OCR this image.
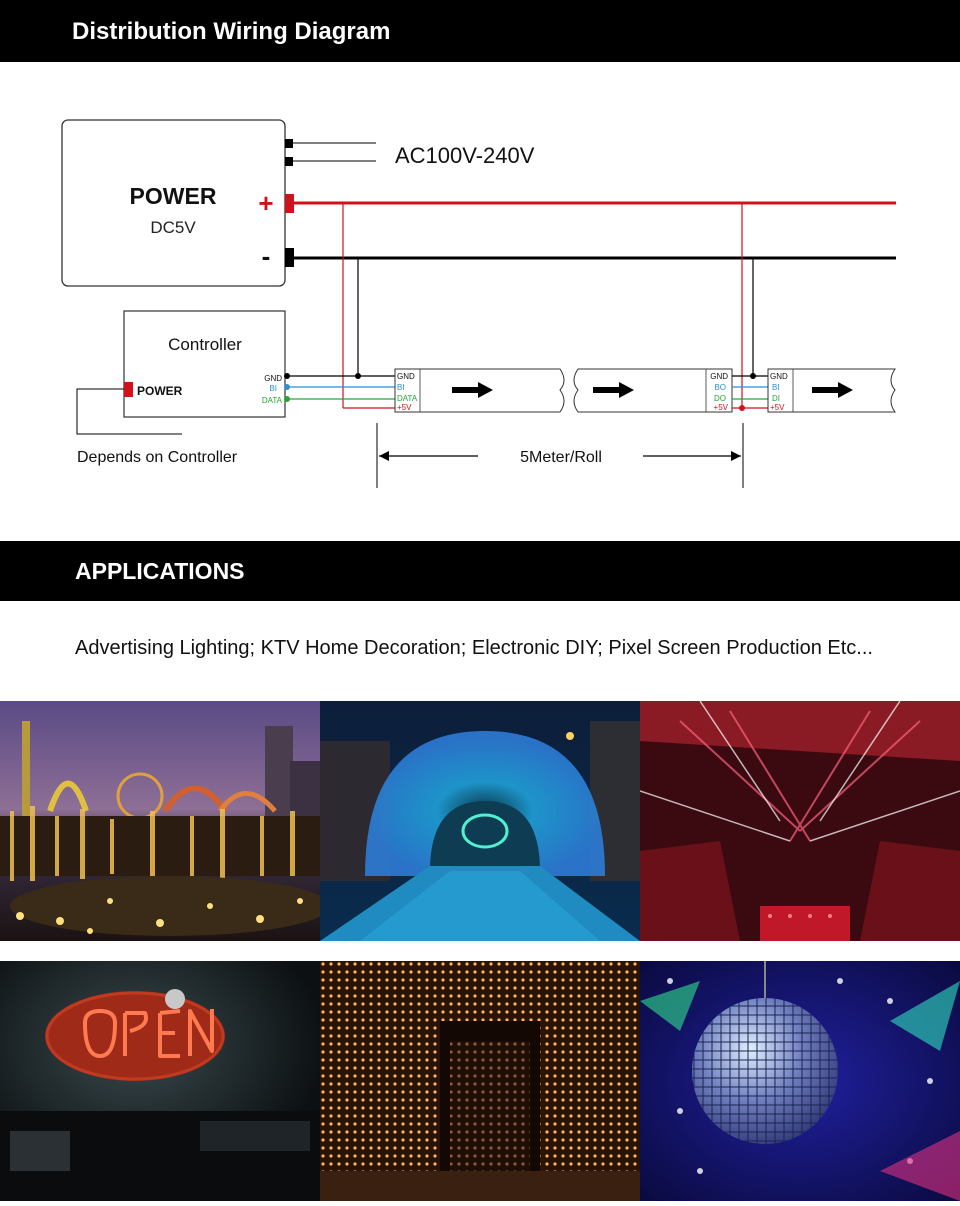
Distribution Wiring Diagram
POWER
DC5V
+
-
AC100V-240V
Controller
POWER
GND
BI
DATA
Depends on Controller
GND
BI
DATA
+5V
GND
BO
DO
+5V
GND
BI
DI
+5V
5Meter/Roll
APPLICATIONS
Advertising Lighting; KTV Home Decoration; Electronic DIY; Pixel Screen Production Etc...
